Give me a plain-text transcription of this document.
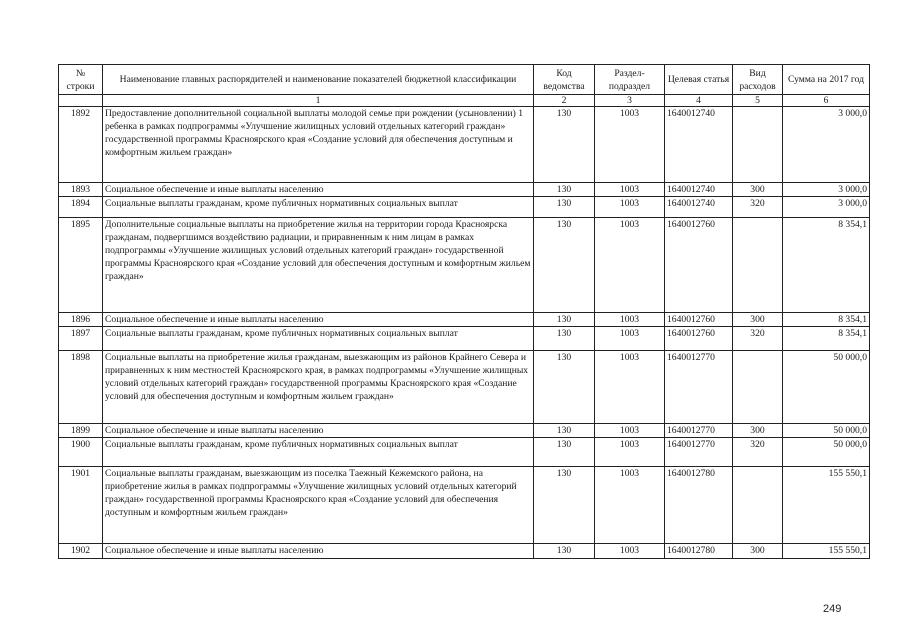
№ строки	Наименование главных распорядителей и наименование показателей бюджетной классификации	Код ведомства	Раздел-подраздел	Целевая статья	Вид расходов	Сумма на 2017 год
	1	2	3	4	5	6
1892	Предоставление дополнительной социальной выплаты молодой семье при рождении (усыновлении) 1 ребенка в рамках подпрограммы «Улучшение жилищных условий отдельных категорий граждан» государственной программы Красноярского края «Создание условий для обеспечения доступным и комфортным жильем граждан»	130	1003	1640012740		3 000,0
1893	Социальное обеспечение и иные выплаты населению	130	1003	1640012740	300	3 000,0
1894	Социальные выплаты гражданам, кроме публичных нормативных социальных выплат	130	1003	1640012740	320	3 000,0
1895	Дополнительные социальные выплаты на приобретение жилья на территории города Красноярска гражданам, подвергшимся воздействию радиации, и приравненным к ним лицам в рамках подпрограммы «Улучшение жилищных условий отдельных категорий граждан» государственной программы Красноярского края «Создание условий для обеспечения доступным и комфортным жильем граждан»	130	1003	1640012760		8 354,1
1896	Социальное обеспечение и иные выплаты населению	130	1003	1640012760	300	8 354,1
1897	Социальные выплаты гражданам, кроме публичных нормативных социальных выплат	130	1003	1640012760	320	8 354,1
1898	Социальные выплаты на приобретение жилья гражданам, выезжающим из районов Крайнего Севера и приравненных к ним местностей Красноярского края, в рамках подпрограммы «Улучшение жилищных условий отдельных категорий граждан» государственной программы Красноярского края «Создание условий для обеспечения доступным и комфортным жильем граждан»	130	1003	1640012770		50 000,0
1899	Социальное обеспечение и иные выплаты населению	130	1003	1640012770	300	50 000,0
1900	Социальные выплаты гражданам, кроме публичных нормативных социальных выплат	130	1003	1640012770	320	50 000,0
1901	Социальные выплаты гражданам, выезжающим из поселка Таежный Кежемского района, на приобретение жилья в рамках подпрограммы «Улучшение жилищных условий отдельных категорий граждан» государственной программы Красноярского края «Создание условий для обеспечения доступным и комфортным жильем граждан»	130	1003	1640012780		155 550,1
1902	Социальное обеспечение и иные выплаты населению	130	1003	1640012780	300	155 550,1
249
